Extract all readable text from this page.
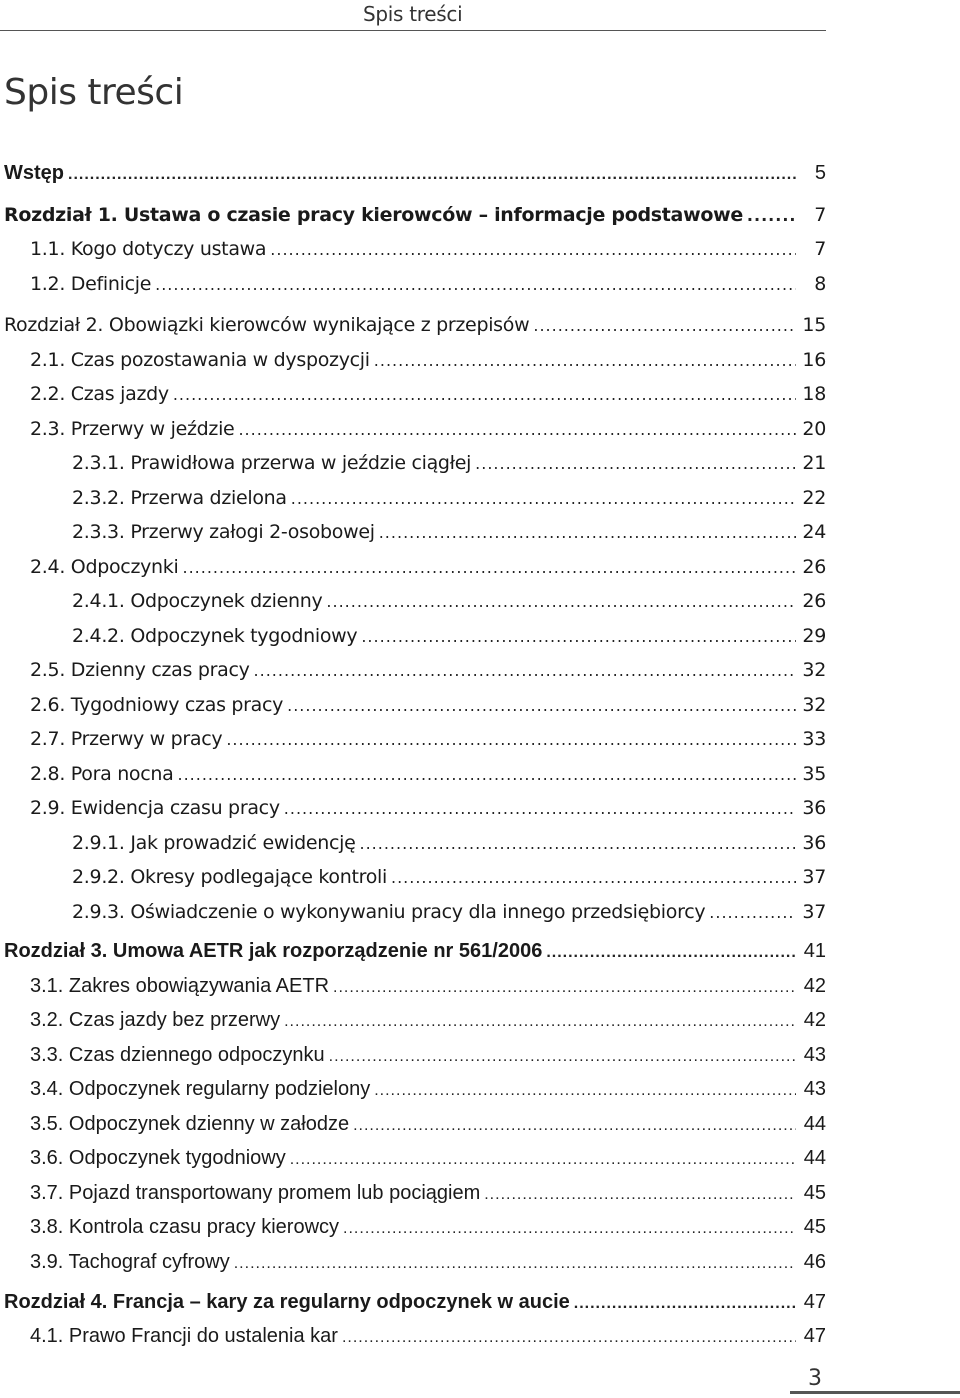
Spis treści
Spis treści
Wstęp .....	5
Rozdział 1. Ustawa o czasie pracy kierowców – informacje podstawowe .....	7
1.1. Kogo dotyczy ustawa .....	7
1.2. Definicje .....	8
Rozdział 2. Obowiązki kierowców wynikające z przepisów .....	15
2.1. Czas pozostawania w dyspozycji .....	16
2.2. Czas jazdy .....	18
2.3. Przerwy w jeździe .....	20
2.3.1. Prawidłowa przerwa w jeździe ciągłej .....	21
2.3.2. Przerwa dzielona .....	22
2.3.3. Przerwy załogi 2-osobowej .....	24
2.4. Odpoczynki .....	26
2.4.1. Odpoczynek dzienny .....	26
2.4.2. Odpoczynek tygodniowy .....	29
2.5. Dzienny czas pracy .....	32
2.6. Tygodniowy czas pracy .....	32
2.7. Przerwy w pracy .....	33
2.8. Pora nocna .....	35
2.9. Ewidencja czasu pracy .....	36
2.9.1. Jak prowadzić ewidencję .....	36
2.9.2. Okresy podlegające kontroli .....	37
2.9.3. Oświadczenie o wykonywaniu pracy dla innego przedsiębiorcy .....	37
Rozdział 3. Umowa AETR jak rozporządzenie nr 561/2006 .....	41
3.1. Zakres obowiązywania AETR .....	42
3.2. Czas jazdy bez przerwy .....	42
3.3. Czas dziennego odpoczynku .....	43
3.4. Odpoczynek regularny podzielony .....	43
3.5. Odpoczynek dzienny w załodze .....	44
3.6. Odpoczynek tygodniowy .....	44
3.7. Pojazd transportowany promem lub pociągiem .....	45
3.8. Kontrola czasu pracy kierowcy .....	45
3.9. Tachograf cyfrowy .....	46
Rozdział 4. Francja – kary za regularny odpoczynek w aucie .....	47
4.1. Prawo Francji do ustalenia kar .....	47
3
